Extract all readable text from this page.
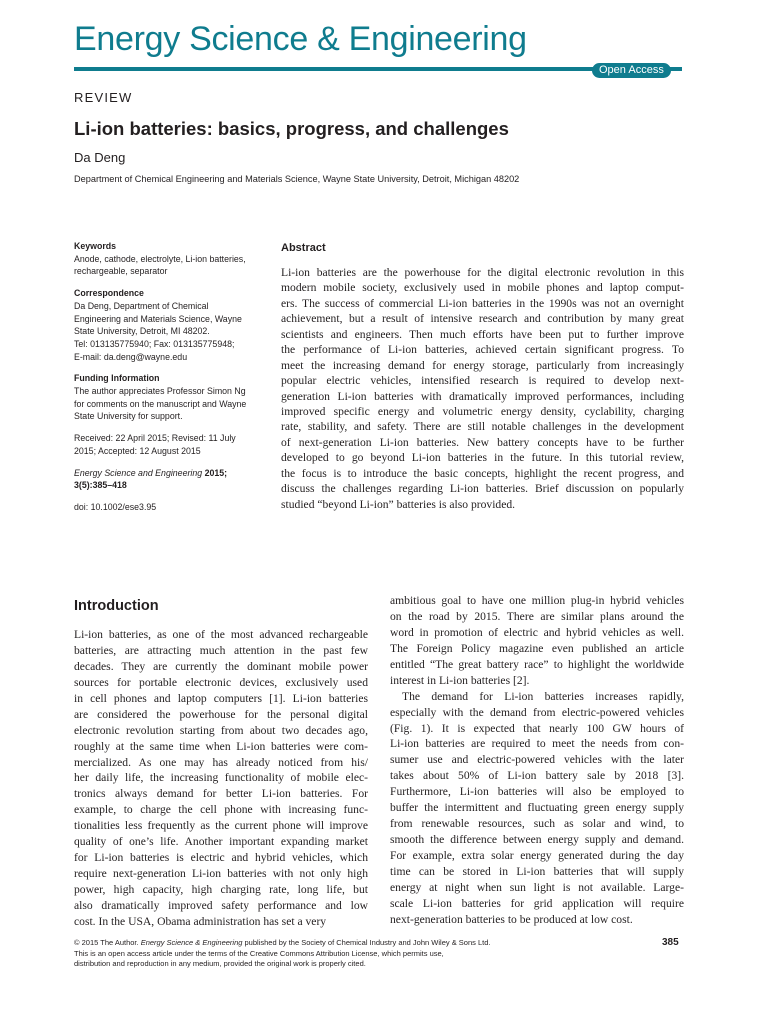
Energy Science & Engineering
Open Access
REVIEW
Li-ion batteries: basics, progress, and challenges
Da Deng
Department of Chemical Engineering and Materials Science, Wayne State University, Detroit, Michigan 48202
Keywords
Anode, cathode, electrolyte, Li-ion batteries,
rechargeable, separator
Correspondence
Da Deng, Department of Chemical
Engineering and Materials Science, Wayne
State University, Detroit, MI 48202.
Tel: 013135775940; Fax: 013135775948;
E-mail: da.deng@wayne.edu
Funding Information
The author appreciates Professor Simon Ng
for comments on the manuscript and Wayne
State University for support.
Received: 22 April 2015; Revised: 11 July
2015; Accepted: 12 August 2015
Energy Science and Engineering 2015;
3(5):385–418
doi: 10.1002/ese3.95
Abstract
Li-ion batteries are the powerhouse for the digital electronic revolution in this
modern mobile society, exclusively used in mobile phones and laptop comput-
ers. The success of commercial Li-ion batteries in the 1990s was not an overnight
achievement, but a result of intensive research and contribution by many great
scientists and engineers. Then much efforts have been put to further improve
the performance of Li-ion batteries, achieved certain significant progress. To
meet the increasing demand for energy storage, particularly from increasingly
popular electric vehicles, intensified research is required to develop next-
generation Li-ion batteries with dramatically improved performances, including
improved specific energy and volumetric energy density, cyclability, charging
rate, stability, and safety. There are still notable challenges in the development
of next-generation Li-ion batteries. New battery concepts have to be further
developed to go beyond Li-ion batteries in the future. In this tutorial review,
the focus is to introduce the basic concepts, highlight the recent progress, and
discuss the challenges regarding Li-ion batteries. Brief discussion on popularly
studied “beyond Li-ion” batteries is also provided.
Introduction
Li-ion batteries, as one of the most advanced rechargeable
batteries, are attracting much attention in the past few
decades. They are currently the dominant mobile power
sources for portable electronic devices, exclusively used
in cell phones and laptop computers [1]. Li-ion batteries
are considered the powerhouse for the personal digital
electronic revolution starting from about two decades ago,
roughly at the same time when Li-ion batteries were com-
mercialized. As one may has already noticed from his/
her daily life, the increasing functionality of mobile elec-
tronics always demand for better Li-ion batteries. For
example, to charge the cell phone with increasing func-
tionalities less frequently as the current phone will improve
quality of one’s life. Another important expanding market
for Li-ion batteries is electric and hybrid vehicles, which
require next-generation Li-ion batteries with not only high
power, high capacity, high charging rate, long life, but
also dramatically improved safety performance and low
cost. In the USA, Obama administration has set a very
ambitious goal to have one million plug-in hybrid vehicles
on the road by 2015. There are similar plans around the
word in promotion of electric and hybrid vehicles as well.
The Foreign Policy magazine even published an article
entitled “The great battery race” to highlight the worldwide
interest in Li-ion batteries [2].
The demand for Li-ion batteries increases rapidly,
especially with the demand from electric-powered vehicles
(Fig. 1). It is expected that nearly 100 GW hours of
Li-ion batteries are required to meet the needs from con-
sumer use and electric-powered vehicles with the later
takes about 50% of Li-ion battery sale by 2018 [3].
Furthermore, Li-ion batteries will also be employed to
buffer the intermittent and fluctuating green energy supply
from renewable resources, such as solar and wind, to
smooth the difference between energy supply and demand.
For example, extra solar energy generated during the day
time can be stored in Li-ion batteries that will supply
energy at night when sun light is not available. Large-
scale Li-ion batteries for grid application will require
next-generation batteries to be produced at low cost.
© 2015 The Author. Energy Science & Engineering published by the Society of Chemical Industry and John Wiley & Sons Ltd.
This is an open access article under the terms of the Creative Commons Attribution License, which permits use,
distribution and reproduction in any medium, provided the original work is properly cited.
385
